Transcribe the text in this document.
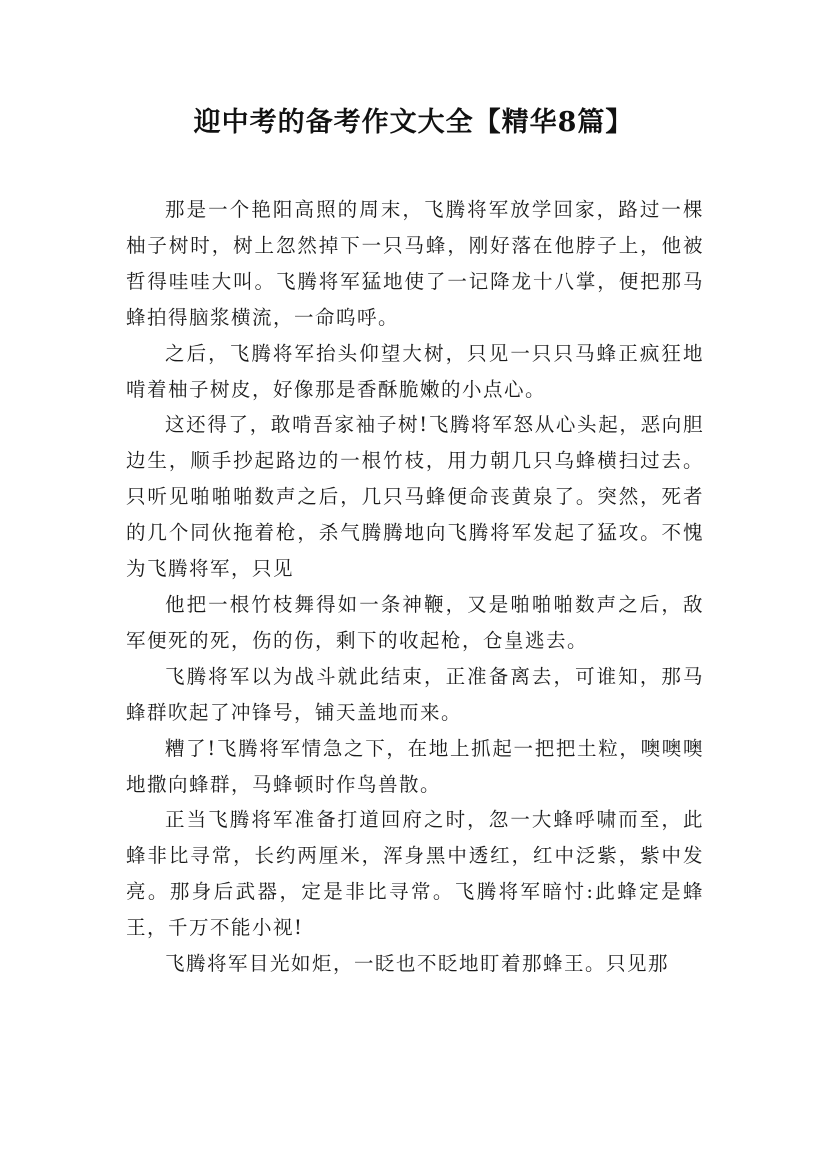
迎中考的备考作文大全【精华8篇】

那是一个艳阳高照的周末，飞腾将军放学回家，路过一棵柚子树时，树上忽然掉下一只马蜂，刚好落在他脖子上，他被哲得哇哇大叫。飞腾将军猛地使了一记降龙十八掌，便把那马蜂拍得脑浆横流，一命呜呼。

之后，飞腾将军抬头仰望大树，只见一只只马蜂正疯狂地啃着柚子树皮，好像那是香酥脆嫩的小点心。

这还得了，敢啃吾家袖子树!飞腾将军怒从心头起，恶向胆边生，顺手抄起路边的一根竹枝，用力朝几只乌蜂横扫过去。只听见啪啪啪数声之后，几只马蜂便命丧黄泉了。突然，死者的几个同伙拖着枪，杀气腾腾地向飞腾将军发起了猛攻。不愧为飞腾将军，只见

他把一根竹枝舞得如一条神鞭，又是啪啪啪数声之后，敌军便死的死，伤的伤，剩下的收起枪，仓皇逃去。

飞腾将军以为战斗就此结束，正准备离去，可谁知，那马蜂群吹起了冲锋号，铺天盖地而来。

糟了!飞腾将军情急之下，在地上抓起一把把土粒，噢噢噢地撒向蜂群，马蜂顿时作鸟兽散。

正当飞腾将军准备打道回府之时，忽一大蜂呼啸而至，此蜂非比寻常，长约两厘米，浑身黑中透红，红中泛紫，紫中发亮。那身后武器，定是非比寻常。飞腾将军暗忖:此蜂定是蜂王，千万不能小视!

飞腾将军目光如炬，一眨也不眨地盯着那蜂王。只见那
